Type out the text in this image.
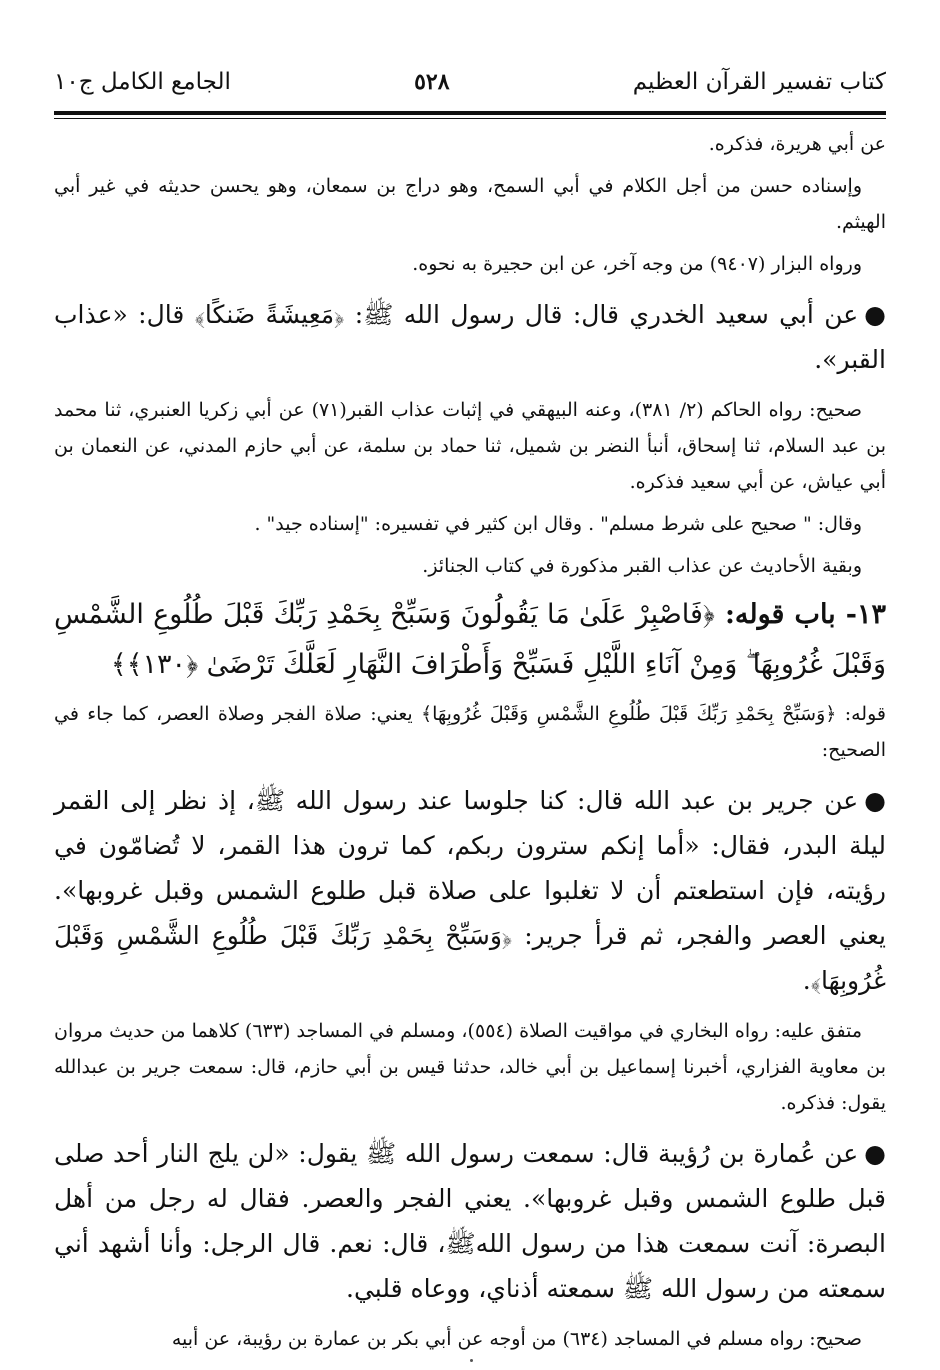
كتاب تفسير القرآن العظيم
٥٢٨
الجامع الكامل ج١٠

عن أبي هريرة، فذكره.

وإسناده حسن من أجل الكلام في أبي السمح، وهو دراج بن سمعان، وهو يحسن حديثه في غير أبي الهيثم.

ورواه البزار (٩٤٠٧) من وجه آخر، عن ابن حجيرة به نحوه.

●عن أبي سعيد الخدري قال: قال رسول الله ﷺ: ﴿مَعِيشَةً ضَنكًا﴾ قال: «عذاب القبر».

صحيح: رواه الحاكم (٢/ ٣٨١)، وعنه البيهقي في إثبات عذاب القبر(٧١) عن أبي زكريا العنبري، ثنا محمد بن عبد السلام، ثنا إسحاق، أنبأ النضر بن شميل، ثنا حماد بن سلمة، عن أبي حازم المدني، عن النعمان بن أبي عياش، عن أبي سعيد فذكره.

وقال: " صحيح على شرط مسلم" . وقال ابن كثير في تفسيره: "إسناده جيد" .

وبقية الأحاديث عن عذاب القبر مذكورة في كتاب الجنائز.

١٣- باب قوله: ﴿فَاصْبِرْ عَلَىٰ مَا يَقُولُونَ وَسَبِّحْ بِحَمْدِ رَبِّكَ قَبْلَ طُلُوعِ الشَّمْسِ وَقَبْلَ غُرُوبِهَا ۖ وَمِنْ آنَاءِ اللَّيْلِ فَسَبِّحْ وَأَطْرَافَ النَّهَارِ لَعَلَّكَ تَرْضَىٰ ﴿١٣٠﴾﴾

قوله: ﴿وَسَبِّحْ بِحَمْدِ رَبِّكَ قَبْلَ طُلُوعِ الشَّمْسِ وَقَبْلَ غُرُوبِهَا﴾ يعني: صلاة الفجر وصلاة العصر، كما جاء في الصحيح:

●عن جرير بن عبد الله قال: كنا جلوسا عند رسول الله ﷺ، إذ نظر إلى القمر ليلة البدر، فقال: «أما إنكم سترون ربكم، كما ترون هذا القمر، لا تُضامّون في رؤيته، فإن استطعتم أن لا تغلبوا على صلاة قبل طلوع الشمس وقبل غروبها». يعني العصر والفجر، ثم قرأ جرير: ﴿وَسَبِّحْ بِحَمْدِ رَبِّكَ قَبْلَ طُلُوعِ الشَّمْسِ وَقَبْلَ غُرُوبِهَا﴾.

متفق عليه: رواه البخاري في مواقيت الصلاة (٥٥٤)، ومسلم في المساجد (٦٣٣) كلاهما من حديث مروان بن معاوية الفزاري، أخبرنا إسماعيل بن أبي خالد، حدثنا قيس بن أبي حازم، قال: سمعت جرير بن عبدالله يقول: فذكره.

●عن عُمارة بن رُؤيبة قال: سمعت رسول الله ﷺ يقول: «لن يلج النار أحد صلى قبل طلوع الشمس وقبل غروبها». يعني الفجر والعصر. فقال له رجل من أهل البصرة: آنت سمعت هذا من رسول اللهﷺ، قال: نعم. قال الرجل: وأنا أشهد أني سمعته من رسول الله ﷺ سمعته أذناي، ووعاه قلبي.

صحيح: رواه مسلم في المساجد (٦٣٤) من أوجه عن أبي بكر بن عمارة بن رؤيبة، عن أبيه
